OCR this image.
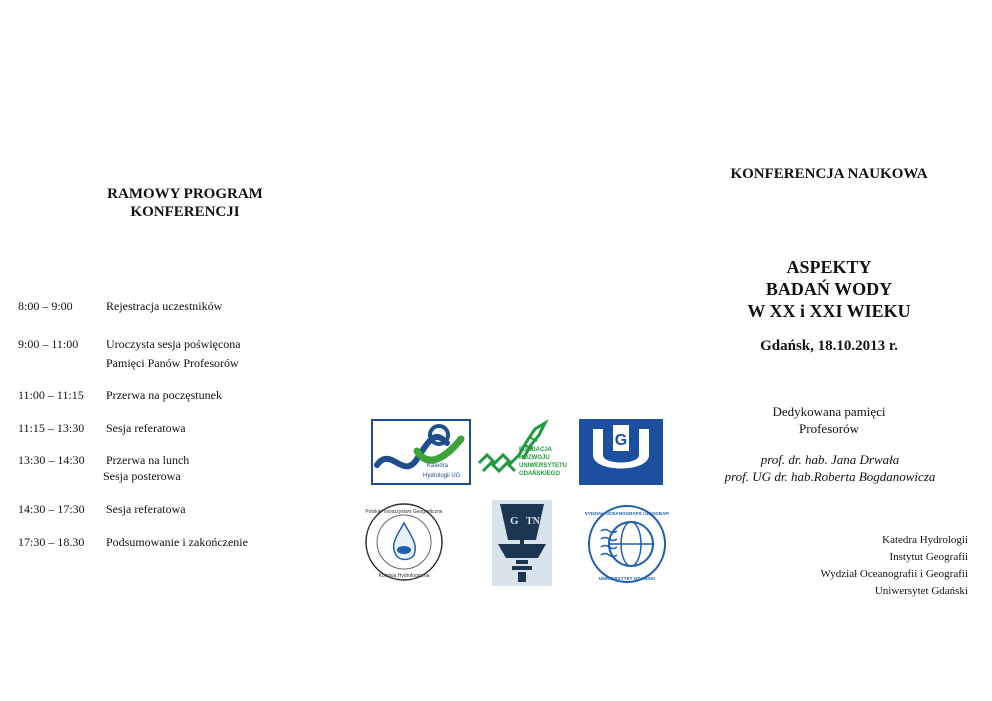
RAMOWY PROGRAM
KONFERENCJI
8:00 – 9:00	Rejestracja uczestników
9:00 – 11:00 Uroczysta sesja poświęcona Pamięci Panów Profesorów
11:00 – 11:15 Przerwa na poczęstunek
11:15 – 13:30 Sesja referatowa
13:30 – 14:30 Przerwa na lunch
Sesja posterowa
14:30 – 17:30 Sesja referatowa
17:30 – 18.30 Podsumowanie i zakończenie
Katedra
Hydrologii UG
FUNDACJA
ROZWOJU
UNIWERSYTETU
GDAŃSKIEGO
G
Polskie Towarzystwo Geograficzne
Komisja Hydrologiczna
G TN
WYDZIAŁ OCEANOGRAFII I GEOGRAFII
UNIWERSYTET GDAŃSKI
KONFERENCJA NAUKOWA
ASPEKTY
BADAŃ WODY
W XX i XXI WIEKU
Gdańsk, 18.10.2013 r.
Dedykowana pamięci
Profesorów
prof. dr. hab. Jana Drwała
prof. UG dr. hab.Roberta Bogdanowicza
Katedra Hydrologii
Instytut Geografii
Wydział Oceanografii i Geografii
Uniwersytet Gdański
